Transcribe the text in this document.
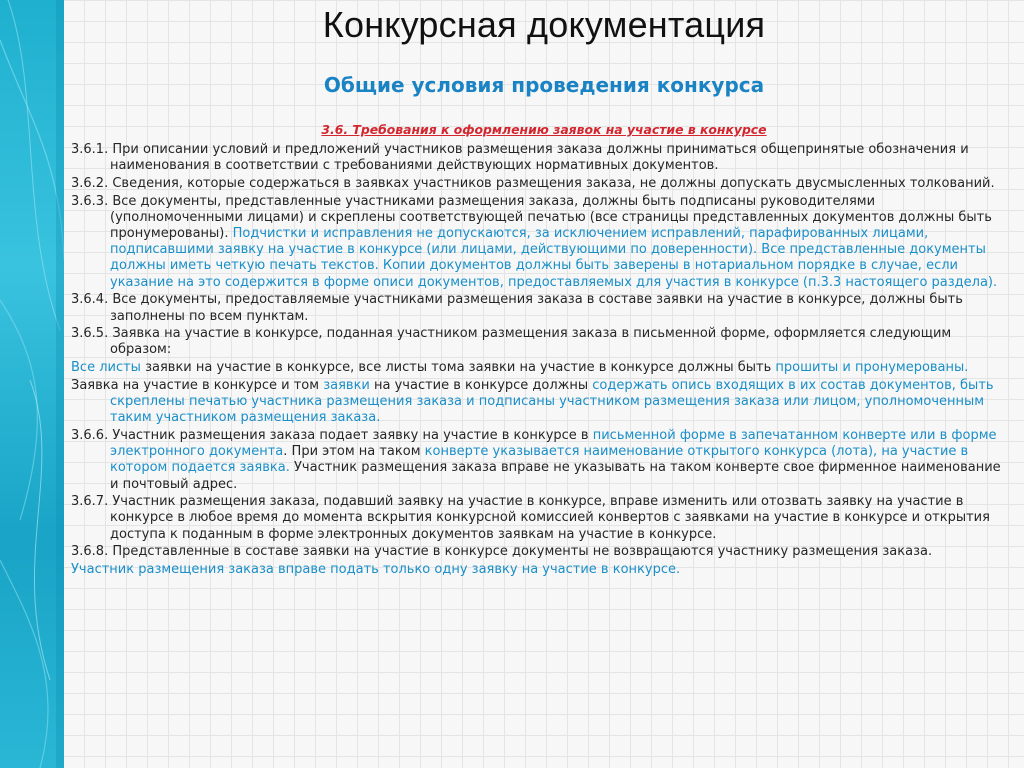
Конкурсная документация
Общие условия проведения конкурса
3.6. Требования к оформлению заявок на участие в конкурсе

3.6.1. При описании условий и предложений участников размещения заказа должны приниматься общепринятые обозначения и наименования в соответствии с требованиями действующих нормативных документов.

3.6.2. Сведения, которые содержаться в заявках участников размещения заказа, не должны допускать двусмысленных толкований.

3.6.3. Все документы, представленные участниками размещения заказа, должны быть подписаны руководителями (уполномоченными лицами) и скреплены соответствующей печатью (все страницы представленных документов должны быть пронумерованы). Подчистки и исправления не допускаются, за исключением исправлений, парафированных лицами, подписавшими заявку на участие в конкурсе (или лицами, действующими по доверенности). Все представленные документы должны иметь четкую печать текстов. Копии документов должны быть заверены в нотариальном порядке в случае, если указание на это содержится в форме описи документов, предоставляемых для участия в конкурсе (п.3.3 настоящего раздела).

3.6.4. Все документы, предоставляемые участниками размещения заказа в составе заявки на участие в конкурсе, должны быть заполнены по всем пунктам.

3.6.5. Заявка на участие в конкурсе, поданная участником размещения заказа в письменной форме, оформляется следующим образом:

Все листы заявки на участие в конкурсе, все листы тома заявки на участие в конкурсе должны быть прошиты и пронумерованы.

Заявка на участие в конкурсе и том заявки на участие в конкурсе должны содержать опись входящих в их состав документов, быть скреплены печатью участника размещения заказа и подписаны участником размещения заказа или лицом, уполномоченным таким участником размещения заказа.

3.6.6. Участник размещения заказа подает заявку на участие в конкурсе в письменной форме в запечатанном конверте или в форме электронного документа. При этом на таком конверте указывается наименование открытого конкурса (лота), на участие в котором подается заявка. Участник размещения заказа вправе не указывать на таком конверте свое фирменное наименование и почтовый адрес.

3.6.7. Участник размещения заказа, подавший заявку на участие в конкурсе, вправе изменить или отозвать заявку на участие в конкурсе в любое время до момента вскрытия конкурсной комиссией конвертов с заявками на участие в конкурсе и открытия доступа к поданным в форме электронных документов заявкам на участие в конкурсе.

3.6.8. Представленные в составе заявки на участие в конкурсе документы не возвращаются участнику размещения заказа.

Участник размещения заказа вправе подать только одну заявку на участие в конкурсе.
